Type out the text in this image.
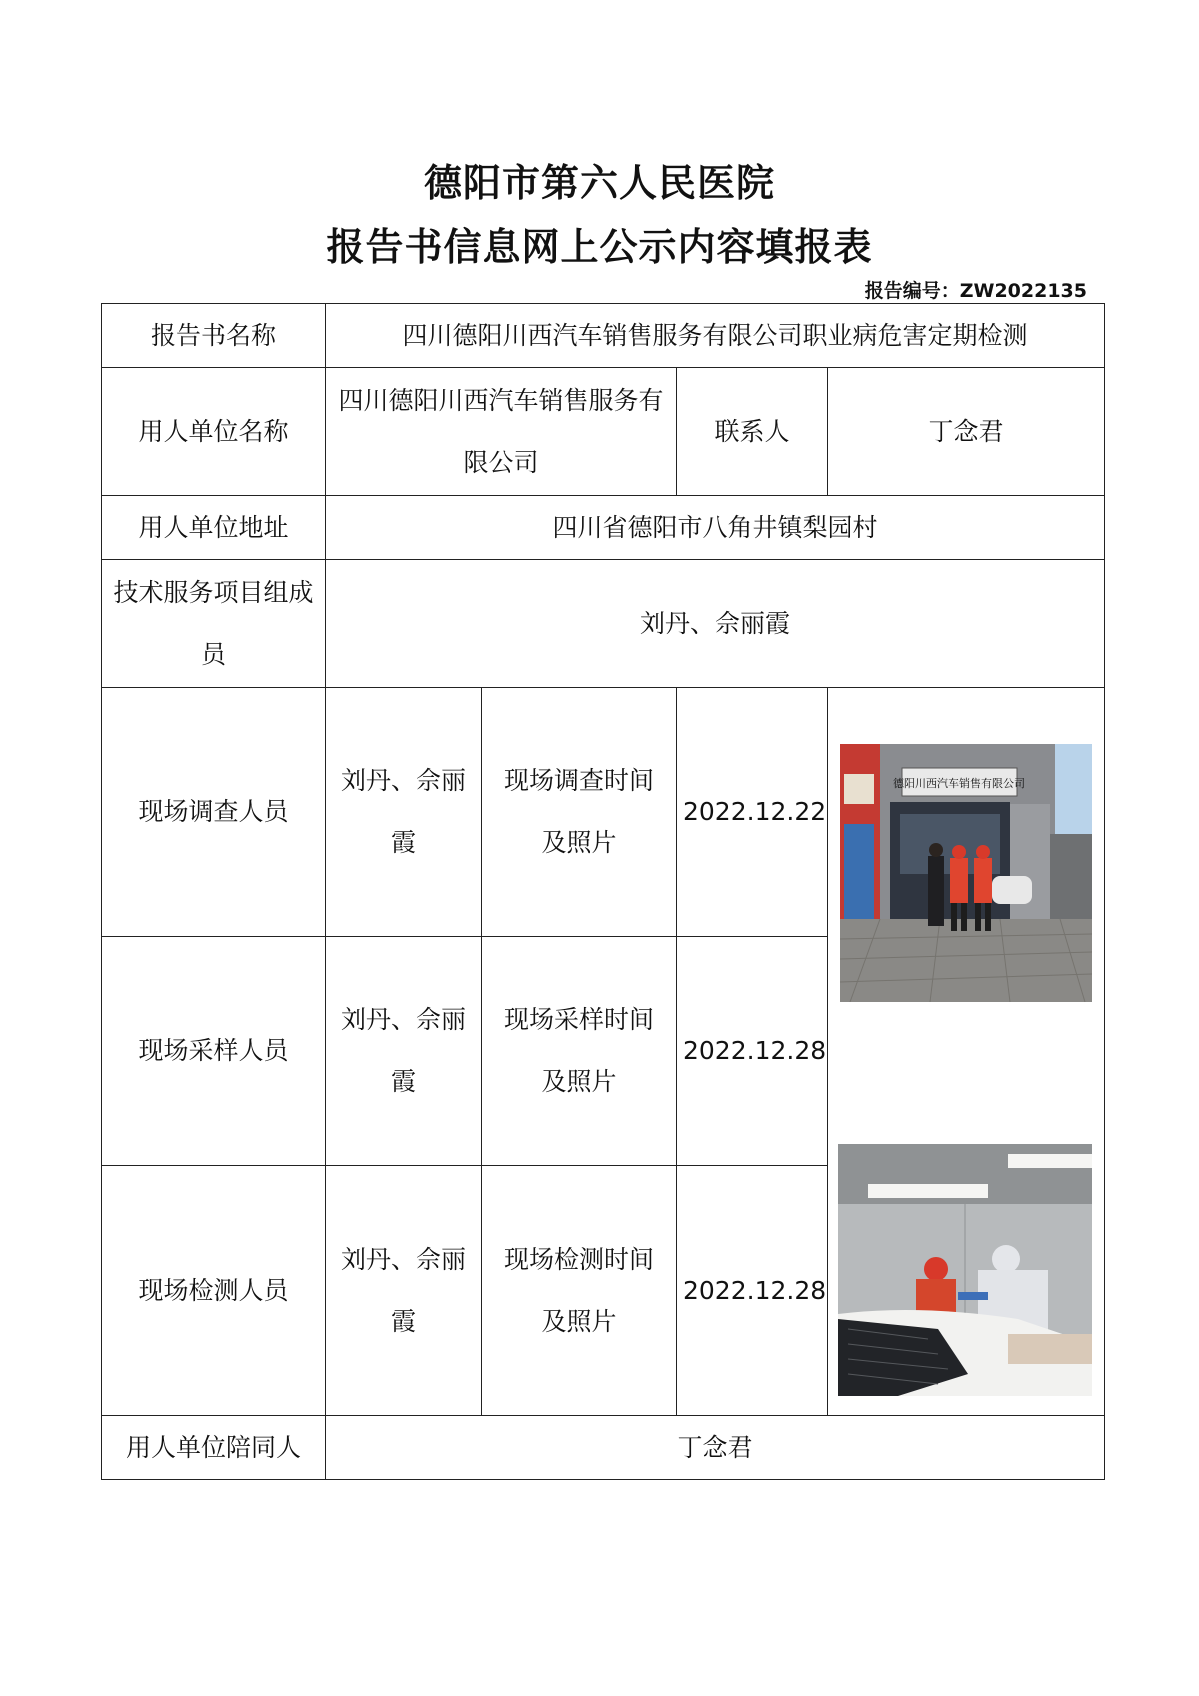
德阳市第六人民医院
报告书信息网上公示内容填报表
报告编号：ZW2022135
报告书名称	四川德阳川西汽车销售服务有限公司职业病危害定期检测			
用人单位名称	四川德阳川西汽车销售服务有限公司		联系人	丁念君
用人单位地址	四川省德阳市八角井镇梨园村			
技术服务项目组成员	刘丹、佘丽霞			
现场调查人员	刘丹、佘丽霞	现场调查时间及照片	2022.12.22	德阳川西汽车销售有限公司

现场采样人员	刘丹、佘丽霞	现场采样时间及照片	2022.12.28	
现场检测人员	刘丹、佘丽霞	现场检测时间及照片	2022.12.28	
用人单位陪同人	丁念君			
